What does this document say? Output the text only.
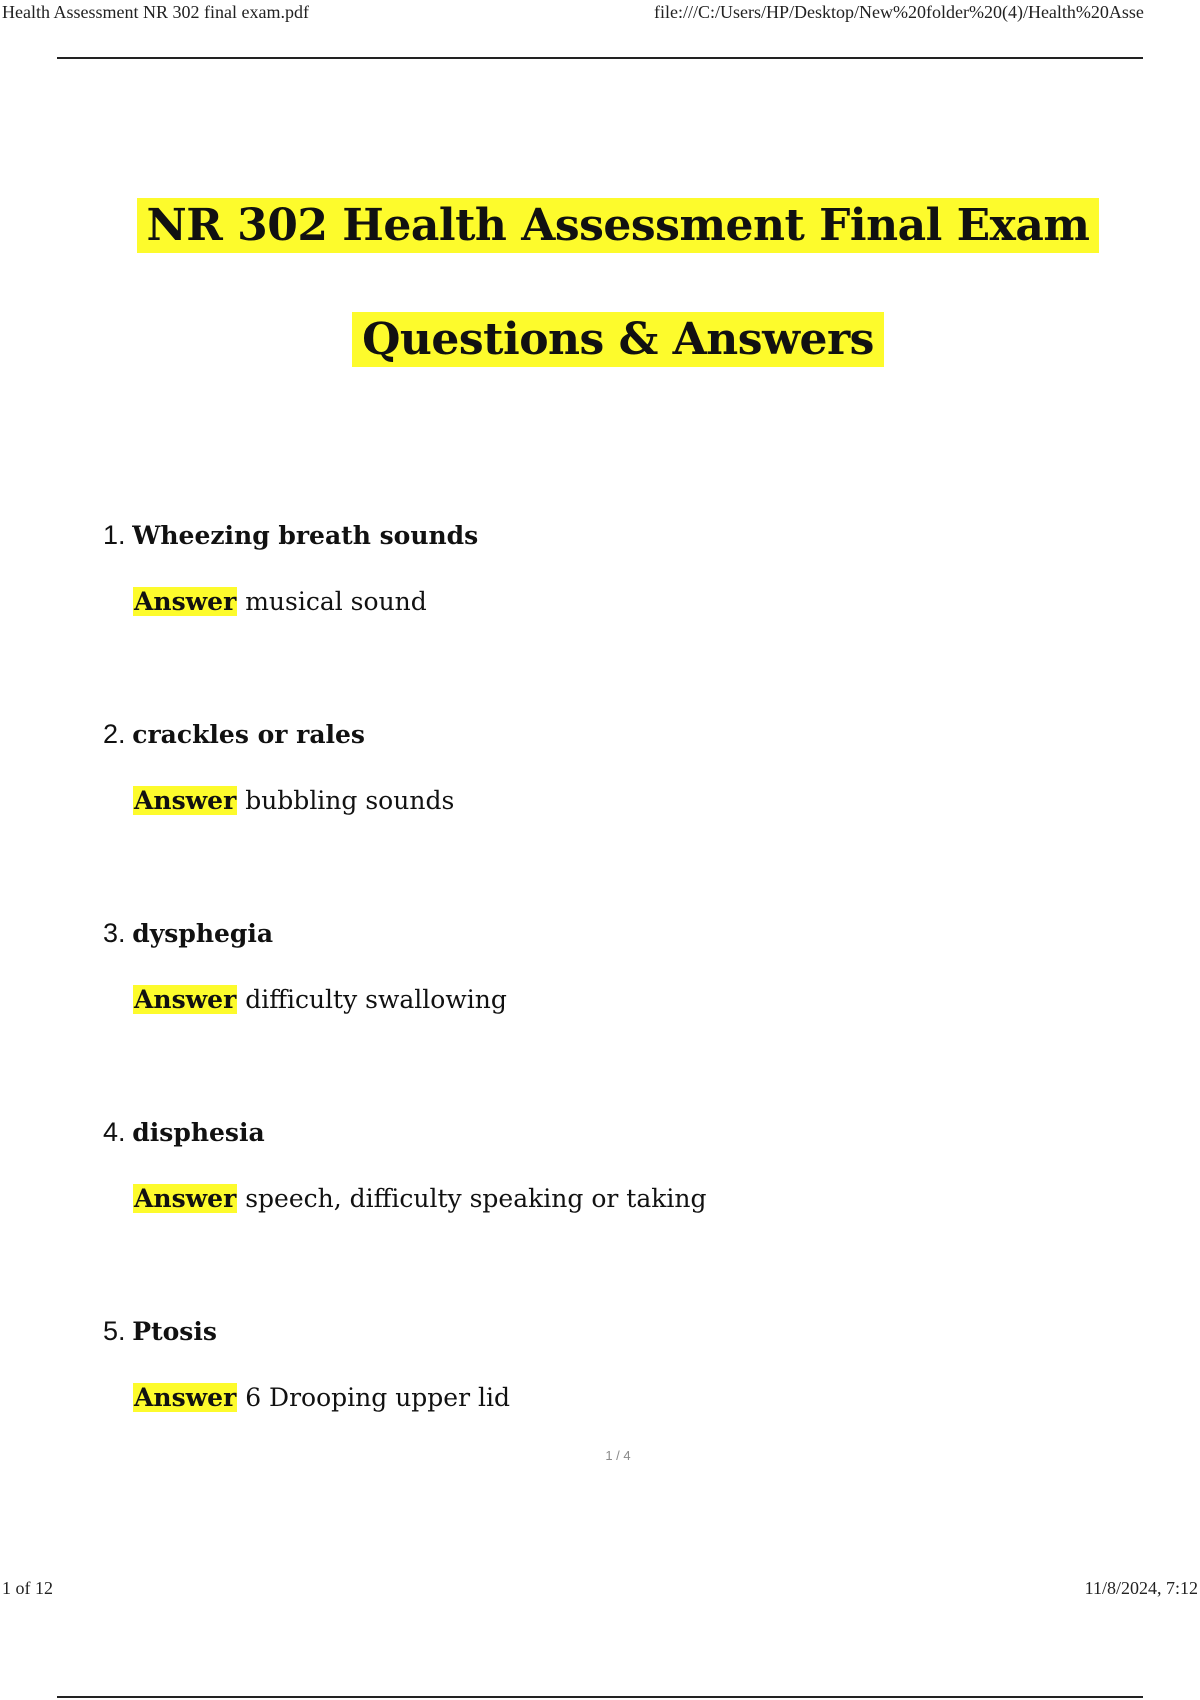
Health Assessment NR 302 final exam.pdf	file:///C:/Users/HP/Desktop/New%20folder%20(4)/Health%20Asse
NR 302 Health Assessment Final Exam
Questions & Answers
1. Wheezing breath sounds
Answer musical sound
2. crackles or rales
Answer bubbling sounds
3. dysphegia
Answer difficulty swallowing
4. disphesia
Answer speech, difficulty speaking or taking
5. Ptosis
Answer 6 Drooping upper lid
1 / 4
1 of 12	11/8/2024, 7:12
